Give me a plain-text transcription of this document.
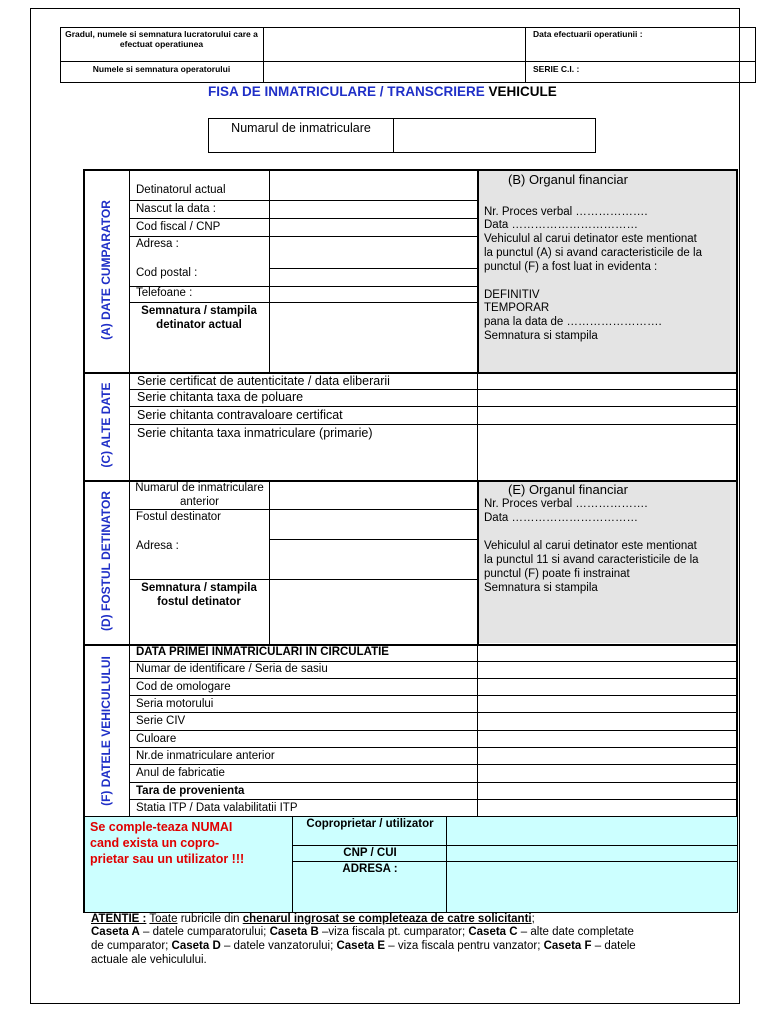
Gradul, numele si semnatura lucratorului care a efectuat operatiunea
Data efectuarii operatiunii :
Numele si semnatura operatorului	SERIE C.I. :
FISA DE INMATRICULARE / TRANSCRIERE VEHICULE
Numarul de inmatriculare
(A) DATE CUMPARATOR
Detinatorul actual
Nascut la data :
Cod fiscal / CNP
Adresa :
Cod postal :
Telefoane :
Semnatura / stampila detinator actual
(B) Organul financiar
Nr. Proces verbal ……………….
Data ……………………………
Vehiculul al carui detinator este mentionat
la punctul (A) si avand caracteristicile de la
punctul (F) a fost luat in evidenta :
DEFINITIV
TEMPORAR
pana la data de …………………….
Semnatura si stampila
(C) ALTE DATE
Serie certificat de autenticitate / data eliberarii
Serie chitanta taxa de poluare
Serie chitanta contravaloare certificat
Serie chitanta taxa inmatriculare (primarie)
(D) FOSTUL DETINATOR
Numarul de inmatriculare anterior
Fostul destinator
Adresa :
Semnatura / stampila fostul detinator
(E) Organul financiar
Nr. Proces verbal ……………….
Data ……………………………
Vehiculul al carui detinator este mentionat
la punctul 11 si avand caracteristicile de la
punctul (F) poate fi instrainat
Semnatura si stampila
(F) DATELE VEHICULULUI
DATA PRIMEI INMATRICULARI IN CIRCULATIE
Numar de identificare / Seria de sasiu
Cod de omologare
Seria motorului
Serie CIV
Culoare
Nr.de inmatriculare anterior
Anul de fabricatie
Tara de provenienta
Statia ITP / Data valabilitatii ITP
Se comple-teaza NUMAI
cand exista un copro-
prietar sau un utilizator !!!
Coproprietar / utilizator
CNP / CUI
ADRESA :
ATENTIE : Toate rubricile din chenarul ingrosat se completeaza de catre solicitanti;
Caseta A – datele cumparatorului; Caseta B –viza fiscala pt. cumparator; Caseta C – alte date completate
de cumparator; Caseta D – datele vanzatorului; Caseta E – viza fiscala pentru vanzator; Caseta F – datele
actuale ale vehiculului.
